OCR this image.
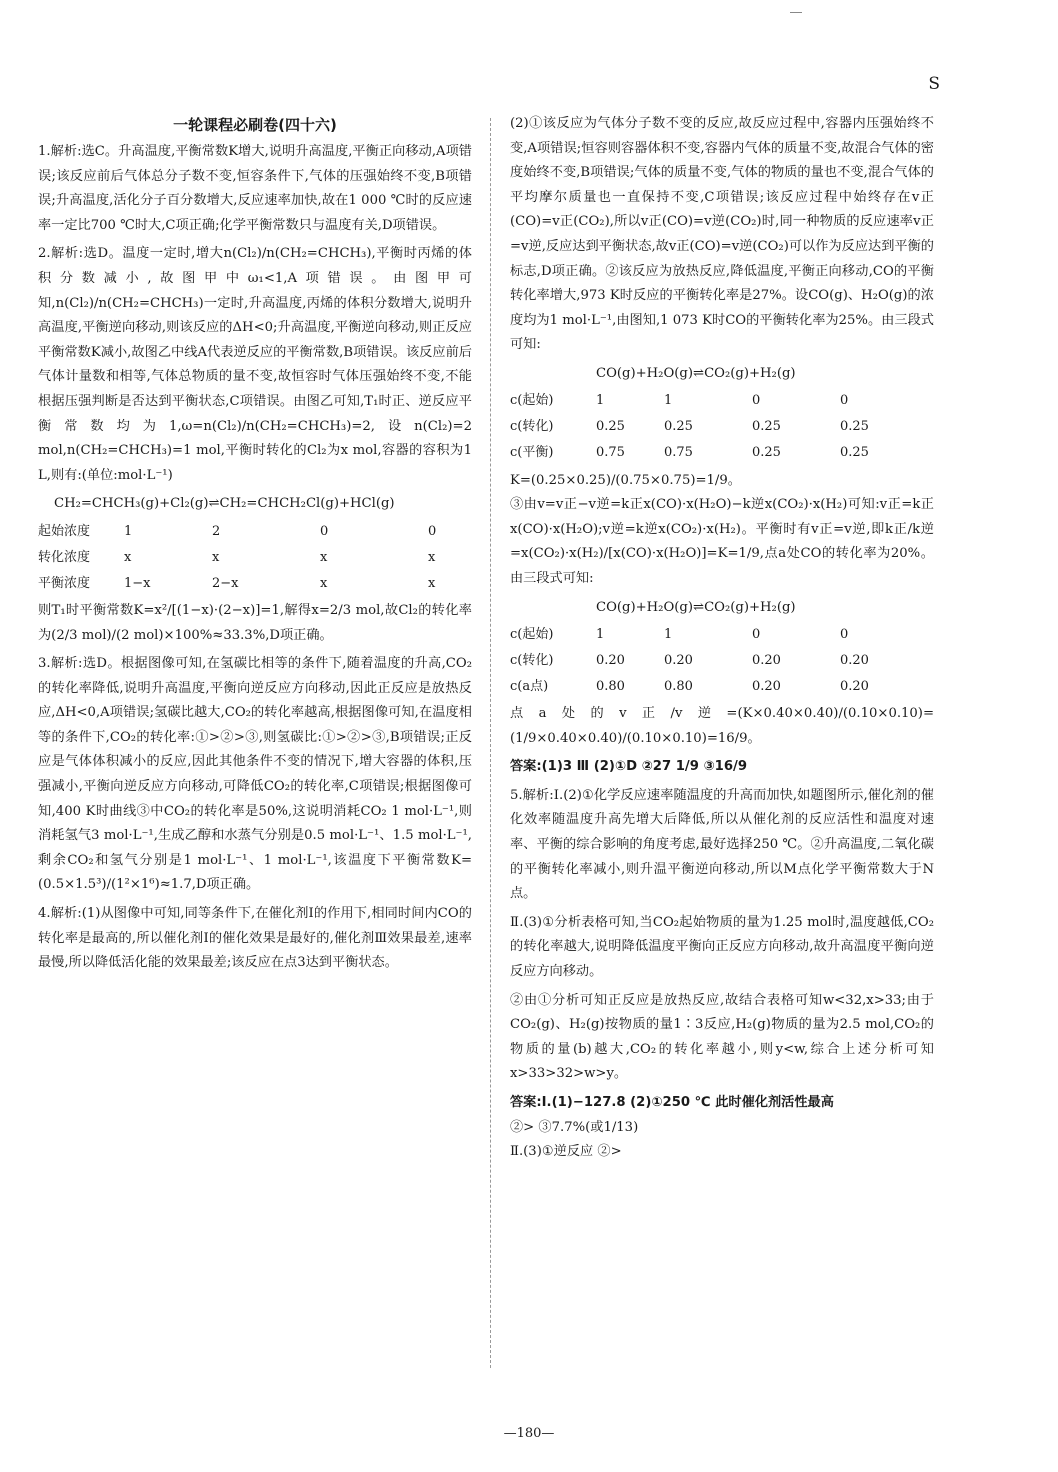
S
一轮课程必刷卷(四十六)

1.解析:选C。升高温度,平衡常数K增大,说明升高温度,平衡正向移动,A项错误;该反应前后气体总分子数不变,恒容条件下,气体的压强始终不变,B项错误;升高温度,活化分子百分数增大,反应速率加快,故在1 000 ℃时的反应速率一定比700 ℃时大,C项正确;化学平衡常数只与温度有关,D项错误。

2.解析:选D。温度一定时,增大n(Cl₂)/n(CH₂=CHCH₃),平衡时丙烯的体积分数减小,故图甲中ω₁<1,A项错误。由图甲可知,n(Cl₂)/n(CH₂=CHCH₃)一定时,升高温度,丙烯的体积分数增大,说明升高温度,平衡逆向移动,则该反应的ΔH<0;升高温度,平衡逆向移动,则正反应平衡常数K减小,故图乙中线A代表逆反应的平衡常数,B项错误。该反应前后气体计量数和相等,气体总物质的量不变,故恒容时气体压强始终不变,不能根据压强判断是否达到平衡状态,C项错误。由图乙可知,T₁时正、逆反应平衡常数均为1,ω=n(Cl₂)/n(CH₂=CHCH₃)=2,设n(Cl₂)=2 mol,n(CH₂=CHCH₃)=1 mol,平衡时转化的Cl₂为x mol,容器的容积为1 L,则有:(单位:mol·L⁻¹)

CH₂=CHCH₃(g)+Cl₂(g)⇌CH₂=CHCH₂Cl(g)+HCl(g)
起始浓度	1	2	0	0
转化浓度	x	x	x	x
平衡浓度	1−x	2−x	x	x

则T₁时平衡常数K=x²/[(1−x)·(2−x)]=1,解得x=2/3 mol,故Cl₂的转化率为(2/3 mol)/(2 mol)×100%≈33.3%,D项正确。

3.解析:选D。根据图像可知,在氢碳比相等的条件下,随着温度的升高,CO₂的转化率降低,说明升高温度,平衡向逆反应方向移动,因此正反应是放热反应,ΔH<0,A项错误;氢碳比越大,CO₂的转化率越高,根据图像可知,在温度相等的条件下,CO₂的转化率:①>②>③,则氢碳比:①>②>③,B项错误;正反应是气体体积减小的反应,因此其他条件不变的情况下,增大容器的体积,压强减小,平衡向逆反应方向移动,可降低CO₂的转化率,C项错误;根据图像可知,400 K时曲线③中CO₂的转化率是50%,这说明消耗CO₂ 1 mol·L⁻¹,则消耗氢气3 mol·L⁻¹,生成乙醇和水蒸气分别是0.5 mol·L⁻¹、1.5 mol·L⁻¹,剩余CO₂和氢气分别是1 mol·L⁻¹、1 mol·L⁻¹,该温度下平衡常数K=(0.5×1.5³)/(1²×1⁶)≈1.7,D项正确。

4.解析:(1)从图像中可知,同等条件下,在催化剂Ⅰ的作用下,相同时间内CO的转化率是最高的,所以催化剂Ⅰ的催化效果是最好的,催化剂Ⅲ效果最差,速率最慢,所以降低活化能的效果最差;该反应在点3达到平衡状态。

(2)①该反应为气体分子数不变的反应,故反应过程中,容器内压强始终不变,A项错误;恒容则容器体积不变,容器内气体的质量不变,故混合气体的密度始终不变,B项错误;气体的质量不变,气体的物质的量也不变,混合气体的平均摩尔质量也一直保持不变,C项错误;该反应过程中始终存在v正(CO)=v正(CO₂),所以v正(CO)=v逆(CO₂)时,同一种物质的反应速率v正=v逆,反应达到平衡状态,故v正(CO)=v逆(CO₂)可以作为反应达到平衡的标志,D项正确。②该反应为放热反应,降低温度,平衡正向移动,CO的平衡转化率增大,973 K时反应的平衡转化率是27%。设CO(g)、H₂O(g)的浓度均为1 mol·L⁻¹,由图知,1 073 K时CO的平衡转化率为25%。由三段式可知:

CO(g)+H₂O(g)⇌CO₂(g)+H₂(g)
c(起始)	1	1	0	0
c(转化)	0.25	0.25	0.25	0.25
c(平衡)	0.75	0.75	0.25	0.25

K=(0.25×0.25)/(0.75×0.75)=1/9。

③由v=v正−v逆=k正x(CO)·x(H₂O)−k逆x(CO₂)·x(H₂)可知:v正=k正x(CO)·x(H₂O);v逆=k逆x(CO₂)·x(H₂)。平衡时有v正=v逆,即k正/k逆=x(CO₂)·x(H₂)/[x(CO)·x(H₂O)]=K=1/9,点a处CO的转化率为20%。由三段式可知:

CO(g)+H₂O(g)⇌CO₂(g)+H₂(g)
c(起始)	1	1	0	0
c(转化)	0.20	0.20	0.20	0.20
c(a点)	0.80	0.80	0.20	0.20

点a处的v正/v逆=(K×0.40×0.40)/(0.10×0.10)=(1/9×0.40×0.40)/(0.10×0.10)=16/9。

答案:(1)3 Ⅲ (2)①D ②27 1/9 ③16/9

5.解析:Ⅰ.(2)①化学反应速率随温度的升高而加快,如题图所示,催化剂的催化效率随温度升高先增大后降低,所以从催化剂的反应活性和温度对速率、平衡的综合影响的角度考虑,最好选择250 ℃。②升高温度,二氧化碳的平衡转化率减小,则升温平衡逆向移动,所以M点化学平衡常数大于N点。

Ⅱ.(3)①分析表格可知,当CO₂起始物质的量为1.25 mol时,温度越低,CO₂的转化率越大,说明降低温度平衡向正反应方向移动,故升高温度平衡向逆反应方向移动。

②由①分析可知正反应是放热反应,故结合表格可知w<32,x>33;由于CO₂(g)、H₂(g)按物质的量1∶3反应,H₂(g)物质的量为2.5 mol,CO₂的物质的量(b)越大,CO₂的转化率越小,则y<w,综合上述分析可知x>33>32>w>y。

答案:Ⅰ.(1)−127.8 (2)①250 ℃ 此时催化剂活性最高

②> ③7.7%(或1/13)

Ⅱ.(3)①逆反应 ②>

—180—
